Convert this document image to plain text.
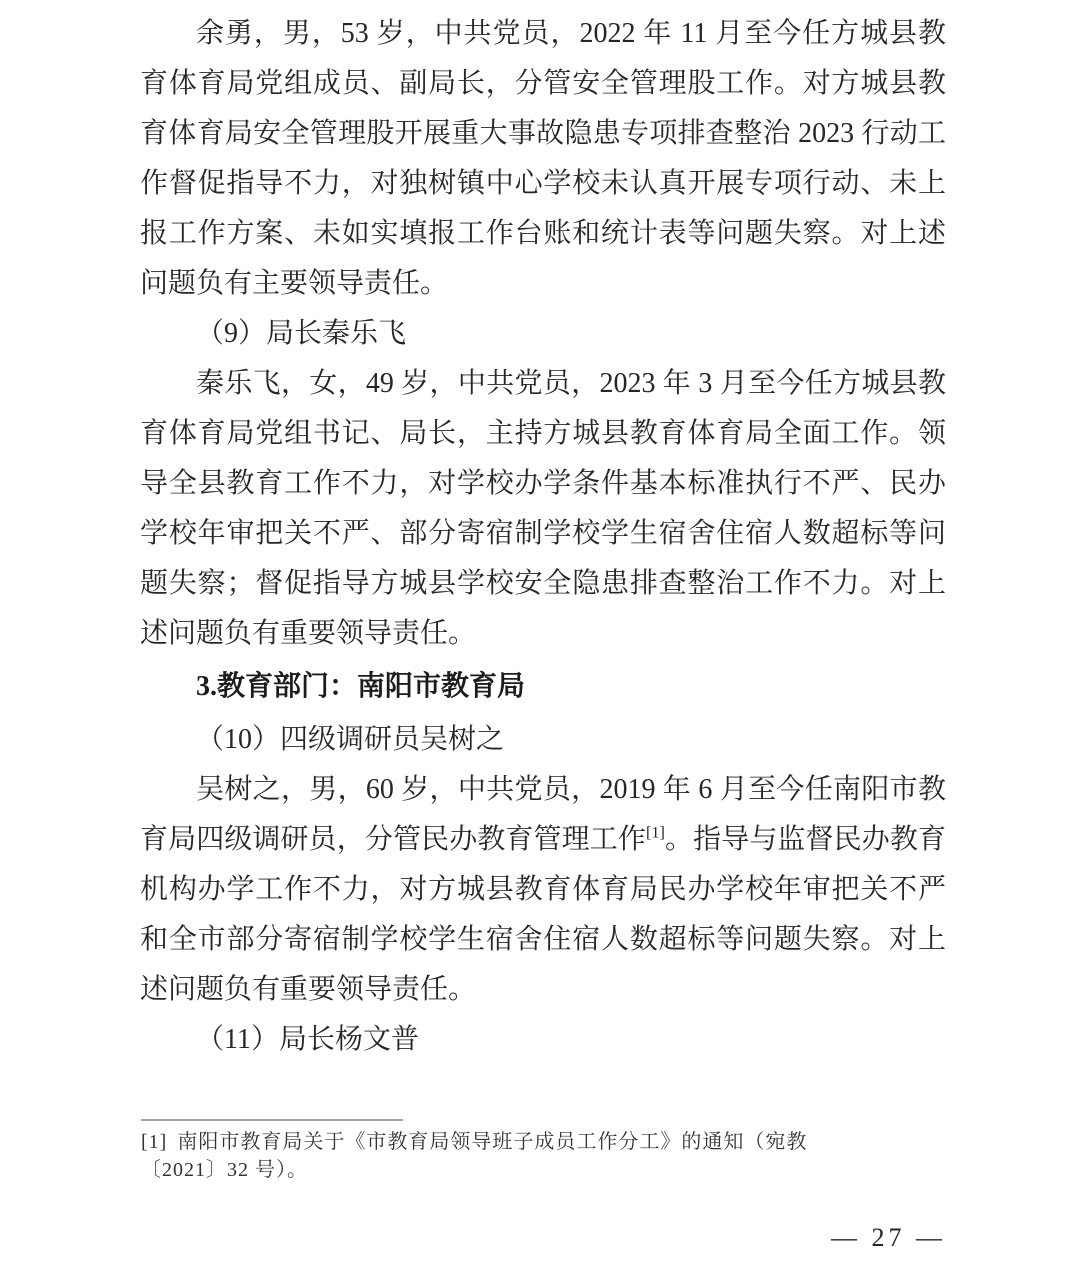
余勇，男，53 岁，中共党员，2022 年 11 月至今任方城县教育体育局党组成员、副局长，分管安全管理股工作。对方城县教育体育局安全管理股开展重大事故隐患专项排查整治 2023 行动工作督促指导不力，对独树镇中心学校未认真开展专项行动、未上报工作方案、未如实填报工作台账和统计表等问题失察。对上述问题负有主要领导责任。

（9）局长秦乐飞

秦乐飞，女，49 岁，中共党员，2023 年 3 月至今任方城县教育体育局党组书记、局长，主持方城县教育体育局全面工作。领导全县教育工作不力，对学校办学条件基本标准执行不严、民办学校年审把关不严、部分寄宿制学校学生宿舍住宿人数超标等问题失察；督促指导方城县学校安全隐患排查整治工作不力。对上述问题负有重要领导责任。

3.教育部门：南阳市教育局

（10）四级调研员吴树之

吴树之，男，60 岁，中共党员，2019 年 6 月至今任南阳市教育局四级调研员，分管民办教育管理工作[1]。指导与监督民办教育机构办学工作不力，对方城县教育体育局民办学校年审把关不严和全市部分寄宿制学校学生宿舍住宿人数超标等问题失察。对上述问题负有重要领导责任。

（11）局长杨文普

[1] 南阳市教育局关于《市教育局领导班子成员工作分工》的通知（宛教〔2021〕32 号）。

— 27 —
